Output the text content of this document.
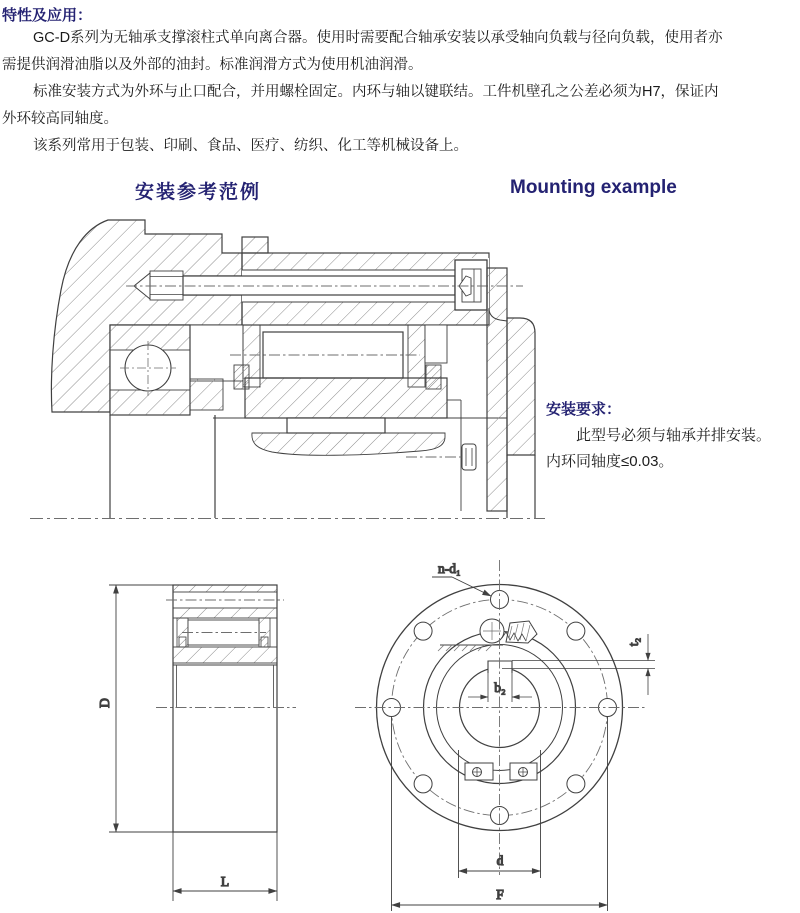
特性及应用：
GC-D系列为无轴承支撑滚柱式单向离合器。使用时需要配合轴承安装以承受轴向负载与径向负载，使用者亦
需提供润滑油脂以及外部的油封。标准润滑方式为使用机油润滑。
标准安装方式为外环与止口配合，并用螺栓固定。内环与轴以键联结。工件机壁孔之公差必须为H7，保证内
外环较高同轴度。
该系列常用于包装、印刷、食品、医疗、纺织、化工等机械设备上。
安装参考范例	Mounting example
安装要求：
此型号必须与轴承并排安装。
内环同轴度≤0.03。
D
L
n-d₁
t₂
b₂
d
F
